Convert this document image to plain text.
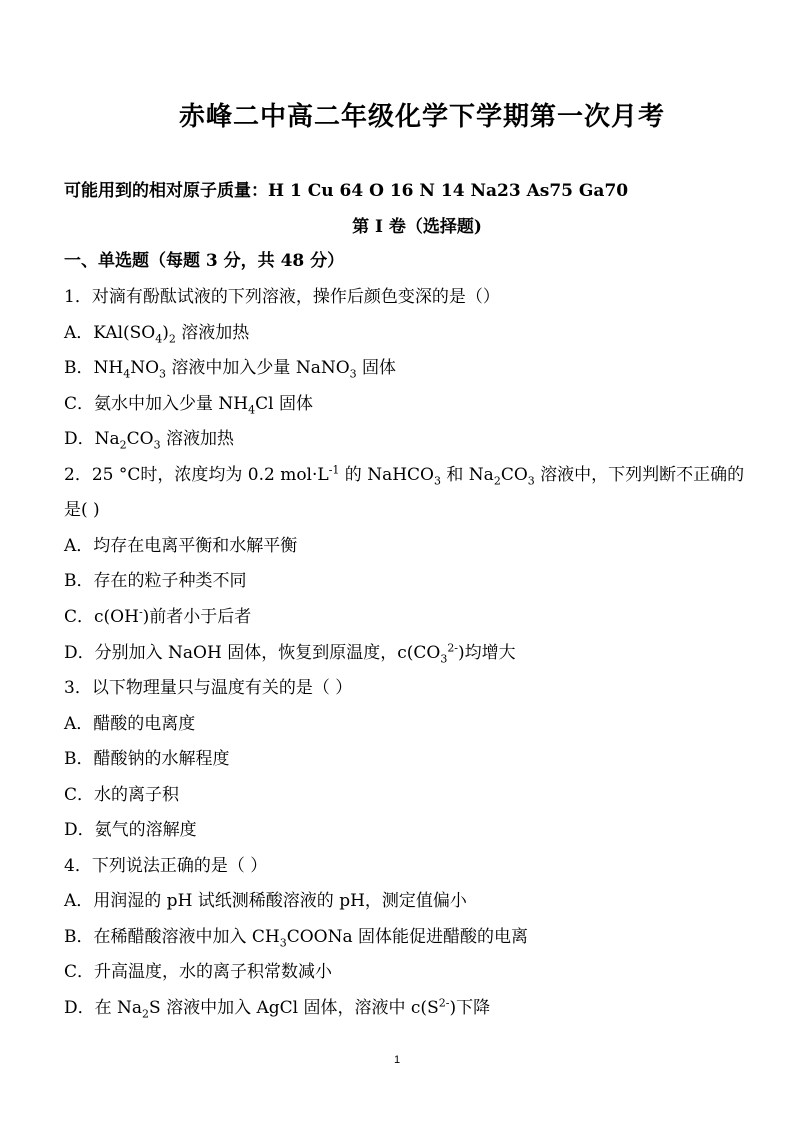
赤峰二中高二年级化学下学期第一次月考
可能用到的相对原子质量：H 1 Cu 64 O 16 N 14 Na23 As75 Ga70
第 I 卷（选择题)
一、单选题（每题 3 分，共 48 分）
1．对滴有酚酞试液的下列溶液，操作后颜色变深的是（）
A．$KAl(SO_4)_2$ 溶液加热
B．$NH_4NO_3$ 溶液中加入少量 NaNO$_3$ 固体
C．氨水中加入少量 $NH_4Cl$ 固体
D．$Na_2CO_3$ 溶液加热
2．25 °C时，浓度均为 0.2 $mol\cdot L^{-1}$ 的 NaHCO$_3$ 和 $Na_2CO_3$ 溶液中，下列判断不正确的
是( )
A．均存在电离平衡和水解平衡
B．存在的粒子种类不同
C．c(OH-)前者小于后者
D．分别加入 NaOH 固体，恢复到原温度，$c(CO_3^{2-})$均增大
3．以下物理量只与温度有关的是（ ）
A．醋酸的电离度
B．醋酸钠的水解程度
C．水的离子积
D．氨气的溶解度
4．下列说法正确的是（ ）
A．用润湿的 pH 试纸测稀酸溶液的 pH，测定值偏小
B．在稀醋酸溶液中加入 $CH_3COONa$ 固体能促进醋酸的电离
C．升高温度，水的离子积常数减小
D．在 $Na_2S$ 溶液中加入 AgCl 固体，溶液中 $c(S^{2-})$下降
1
